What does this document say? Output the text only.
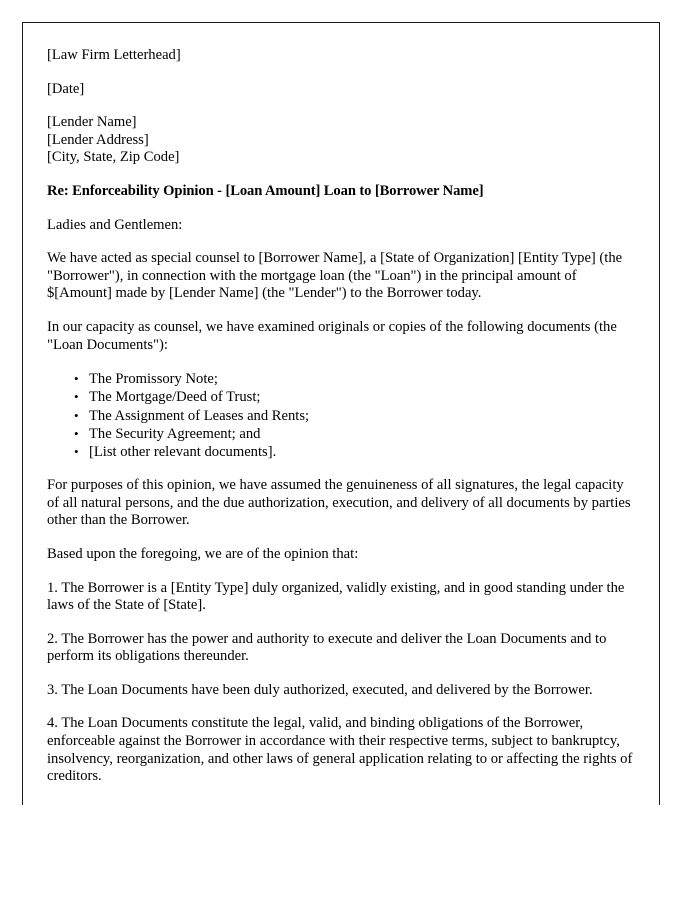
[Law Firm Letterhead]

[Date]

[Lender Name]

[Lender Address]

[City, State, Zip Code]

Re: Enforceability Opinion - [Loan Amount] Loan to [Borrower Name]

Ladies and Gentlemen:

We have acted as special counsel to [Borrower Name], a [State of Organization] [Entity Type] (the "Borrower"), in connection with the mortgage loan (the "Loan") in the principal amount of $[Amount] made by [Lender Name] (the "Lender") to the Borrower today.

In our capacity as counsel, we have examined originals or copies of the following documents (the "Loan Documents"):

• The Promissory Note;
• The Mortgage/Deed of Trust;
• The Assignment of Leases and Rents;
• The Security Agreement; and
• [List other relevant documents].

For purposes of this opinion, we have assumed the genuineness of all signatures, the legal capacity of all natural persons, and the due authorization, execution, and delivery of all documents by parties other than the Borrower.

Based upon the foregoing, we are of the opinion that:

1. The Borrower is a [Entity Type] duly organized, validly existing, and in good standing under the laws of the State of [State].

2. The Borrower has the power and authority to execute and deliver the Loan Documents and to perform its obligations thereunder.

3. The Loan Documents have been duly authorized, executed, and delivered by the Borrower.

4. The Loan Documents constitute the legal, valid, and binding obligations of the Borrower, enforceable against the Borrower in accordance with their respective terms, subject to bankruptcy, insolvency, reorganization, and other laws of general application relating to or affecting the rights of creditors.
